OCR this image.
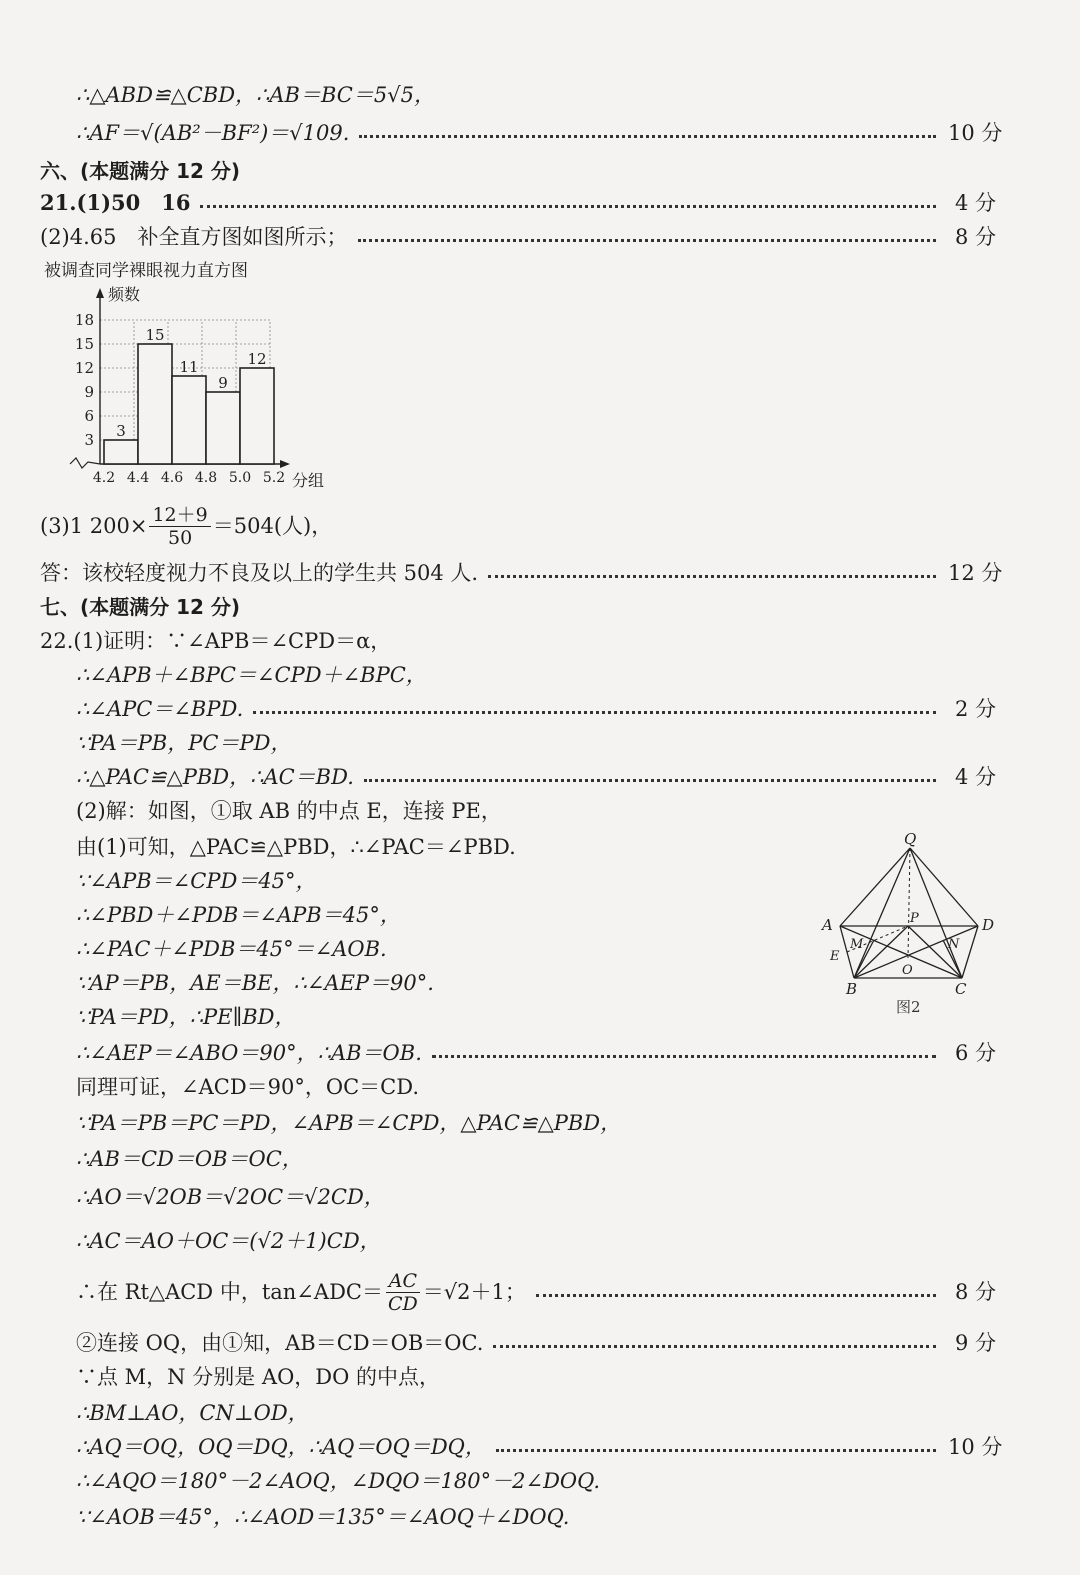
∴△ABD≌△CBD，∴AB＝BC＝5√5，
∴AF＝√(AB²－BF²)＝√109.	10 分
六、(本题满分 12 分)
21.(1)50　16	4 分
(2)4.65　补全直方图如图所示；	8 分
被调查同学裸眼视力直方图
3
6
9
12
15
18
频数
3
15
11
9
12
4.2 4.4 4.6 4.8 5.0 5.2 分组
(3)1 $200\times \frac{12+9}{50} =504$(人)，
答：该校轻度视力不良及以上的学生共 504 人.	12 分
七、(本题满分 12 分)
22.(1)证明：∵∠APB＝∠CPD＝α，
∴∠APB＋∠BPC＝∠CPD＋∠BPC，
∴∠APC＝∠BPD.	2 分
∵PA＝PB，PC＝PD，
∴△PAC≌△PBD，∴AC＝BD.	4 分
(2)解：如图，①取 AB 的中点 E，连接 PE，
由(1)可知，△PAC≌△PBD，∴∠PAC＝∠PBD.
∵∠APB＝∠CPD＝45°，
∴∠PBD＋∠PDB＝∠APB＝45°，
∴∠PAC＋∠PDB＝45°＝∠AOB.
∵AP＝PB，AE＝BE，∴∠AEP＝90°.
∵PA＝PD，∴PE∥BD，
∴∠AEP＝∠ABO＝90°，∴AB＝OB.	6 分
同理可证，∠ACD＝90°，OC＝CD.
∵PA＝PB＝PC＝PD，∠APB＝∠CPD，△PAC≌△PBD，
∴AB＝CD＝OB＝OC，
∴AO＝√2OB＝√2OC＝√2CD，
∴AC＝AO＋OC＝(√2＋1)CD，
∴在 Rt△ACD 中，tan∠ADC＝ $\frac{AC}{CD} =√2+1$；	8 分
②连接 OQ，由①知，AB＝CD＝OB＝OC.	9 分
∵点 M，N 分别是 AO，DO 的中点，
∴BM⊥AO，CN⊥OD，
∴AQ＝OQ，OQ＝DQ，∴AQ＝OQ＝DQ，	10 分
∴∠AQO＝180°－2∠AOQ，∠DQO＝180°－2∠DOQ.
∵∠AOB＝45°，∴∠AOD＝135°＝∠AOQ＋∠DOQ.
Q
A	D
P
M	N
E
O
B	C
图2
